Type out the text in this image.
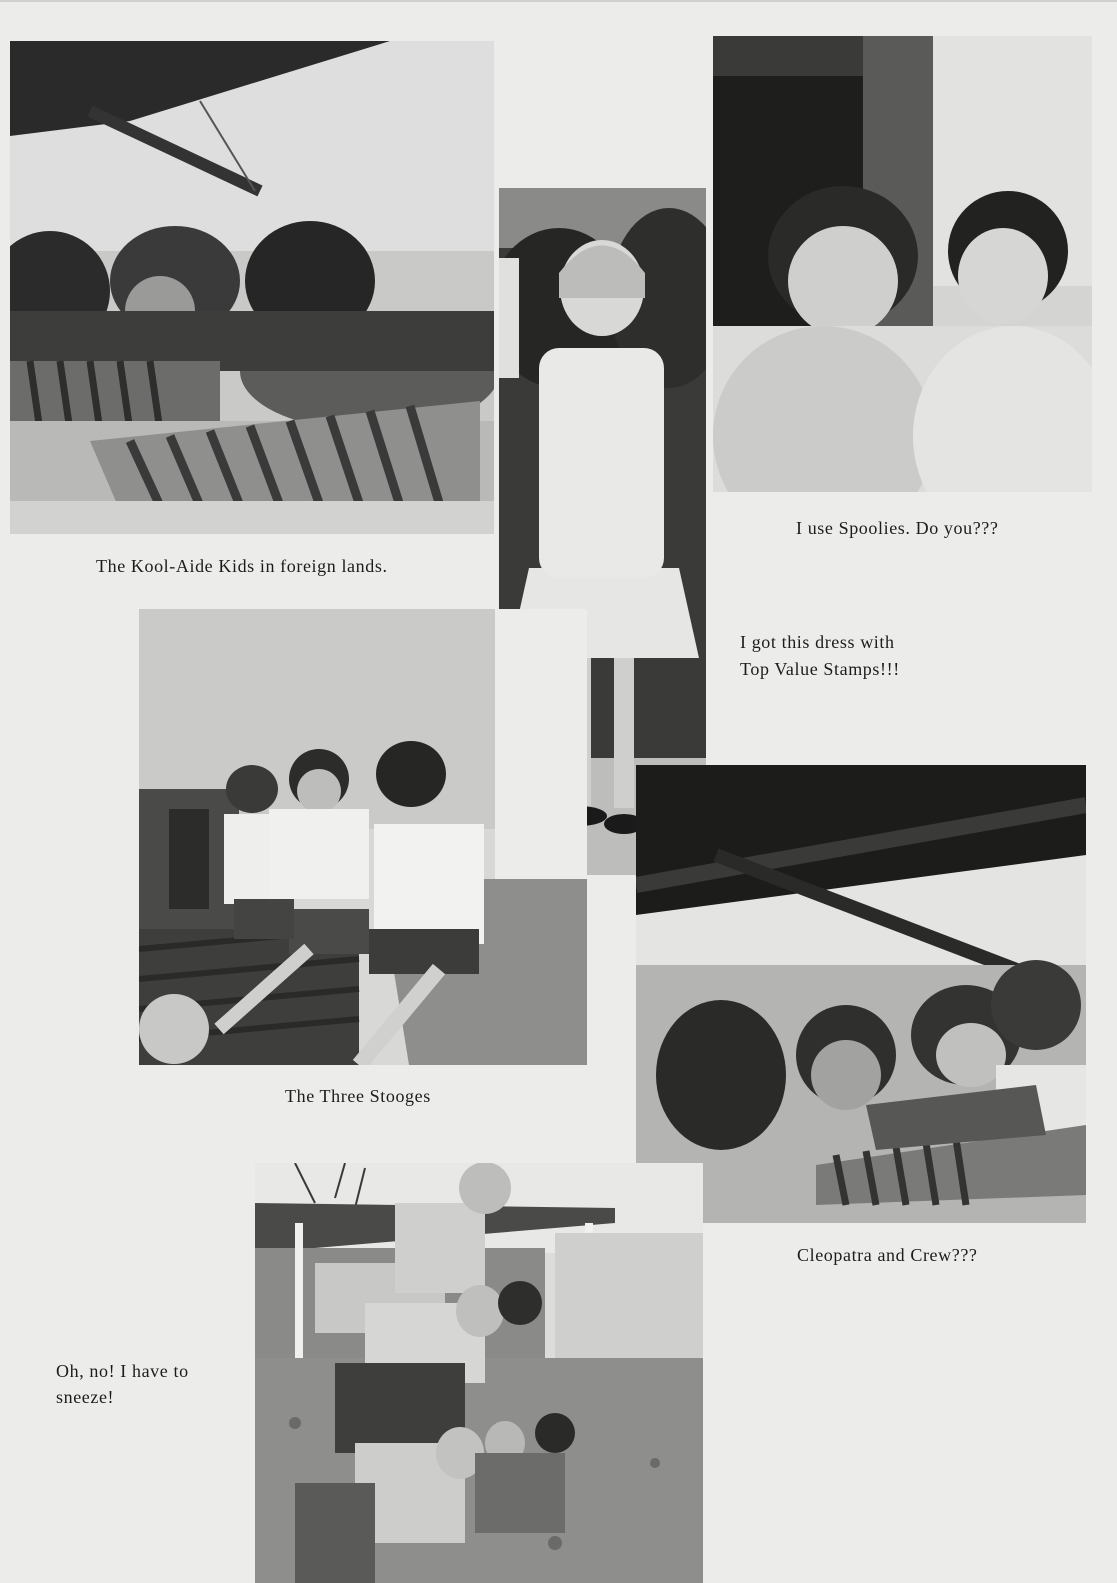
The Kool-Aide Kids in foreign lands.
I use Spoolies. Do you???
I got this dress with
Top Value Stamps!!!
The Three Stooges
Cleopatra and Crew???
Oh, no! I have to
sneeze!
